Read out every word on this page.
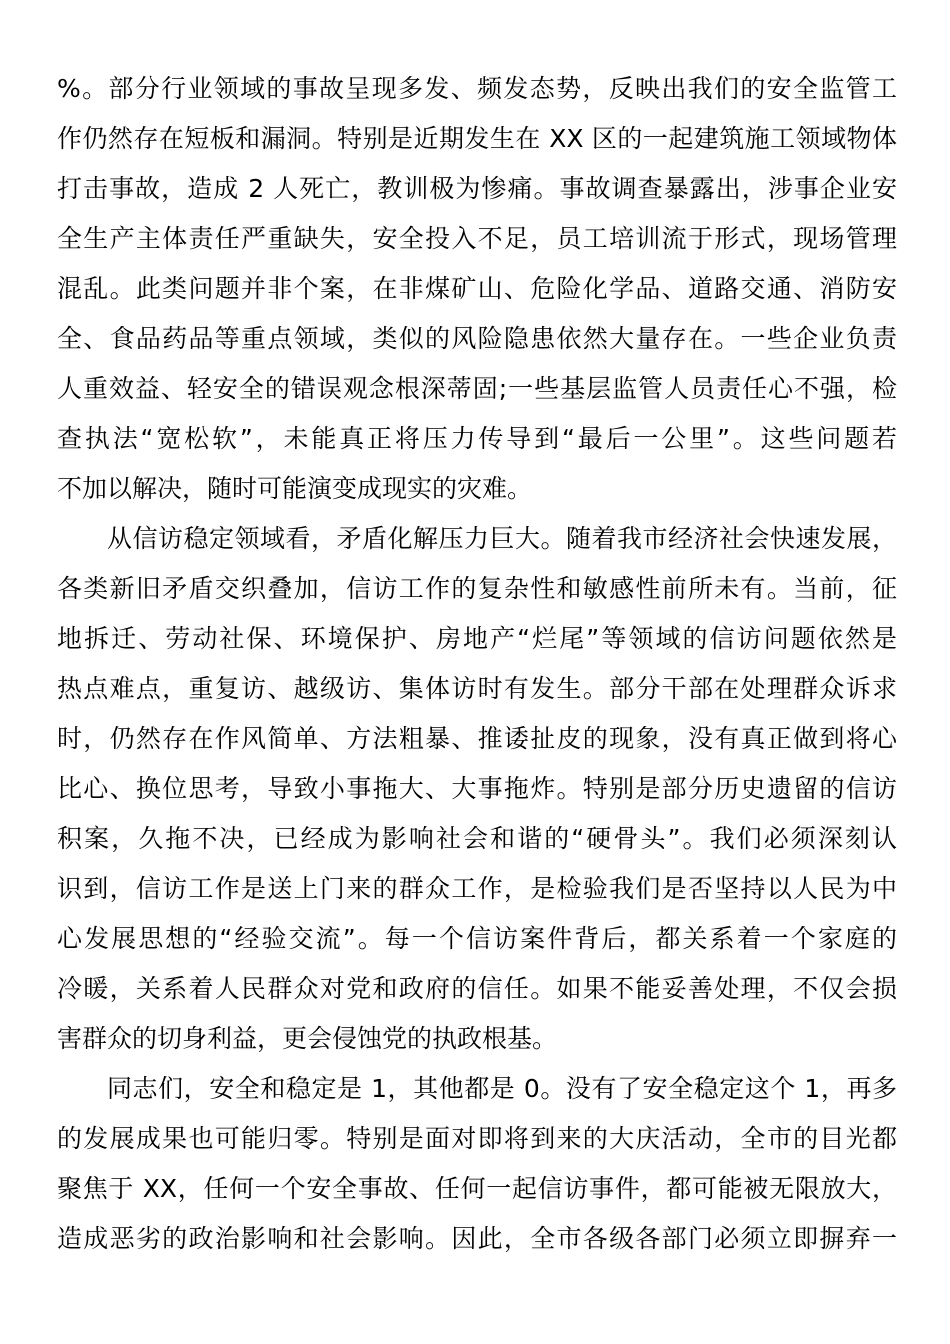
%。部分行业领域的事故呈现多发、频发态势，反映出我们的安全监管工
作仍然存在短板和漏洞。特别是近期发生在 XX 区的一起建筑施工领域物体
打击事故，造成 2 人死亡，教训极为惨痛。事故调查暴露出，涉事企业安
全生产主体责任严重缺失，安全投入不足，员工培训流于形式，现场管理
混乱。此类问题并非个案，在非煤矿山、危险化学品、道路交通、消防安
全、食品药品等重点领域，类似的风险隐患依然大量存在。一些企业负责
人重效益、轻安全的错误观念根深蒂固;一些基层监管人员责任心不强，检
查执法“宽松软”，未能真正将压力传导到“最后一公里”。这些问题若
不加以解决，随时可能演变成现实的灾难。
从信访稳定领域看，矛盾化解压力巨大。随着我市经济社会快速发展，
各类新旧矛盾交织叠加，信访工作的复杂性和敏感性前所未有。当前，征
地拆迁、劳动社保、环境保护、房地产“烂尾”等领域的信访问题依然是
热点难点，重复访、越级访、集体访时有发生。部分干部在处理群众诉求
时，仍然存在作风简单、方法粗暴、推诿扯皮的现象，没有真正做到将心
比心、换位思考，导致小事拖大、大事拖炸。特别是部分历史遗留的信访
积案，久拖不决，已经成为影响社会和谐的“硬骨头”。我们必须深刻认
识到，信访工作是送上门来的群众工作，是检验我们是否坚持以人民为中
心发展思想的“经验交流”。每一个信访案件背后，都关系着一个家庭的
冷暖，关系着人民群众对党和政府的信任。如果不能妥善处理，不仅会损
害群众的切身利益，更会侵蚀党的执政根基。
同志们，安全和稳定是 1，其他都是 0。没有了安全稳定这个 1，再多
的发展成果也可能归零。特别是面对即将到来的大庆活动，全市的目光都
聚焦于 XX，任何一个安全事故、任何一起信访事件，都可能被无限放大，
造成恶劣的政治影响和社会影响。因此，全市各级各部门必须立即摒弃一
